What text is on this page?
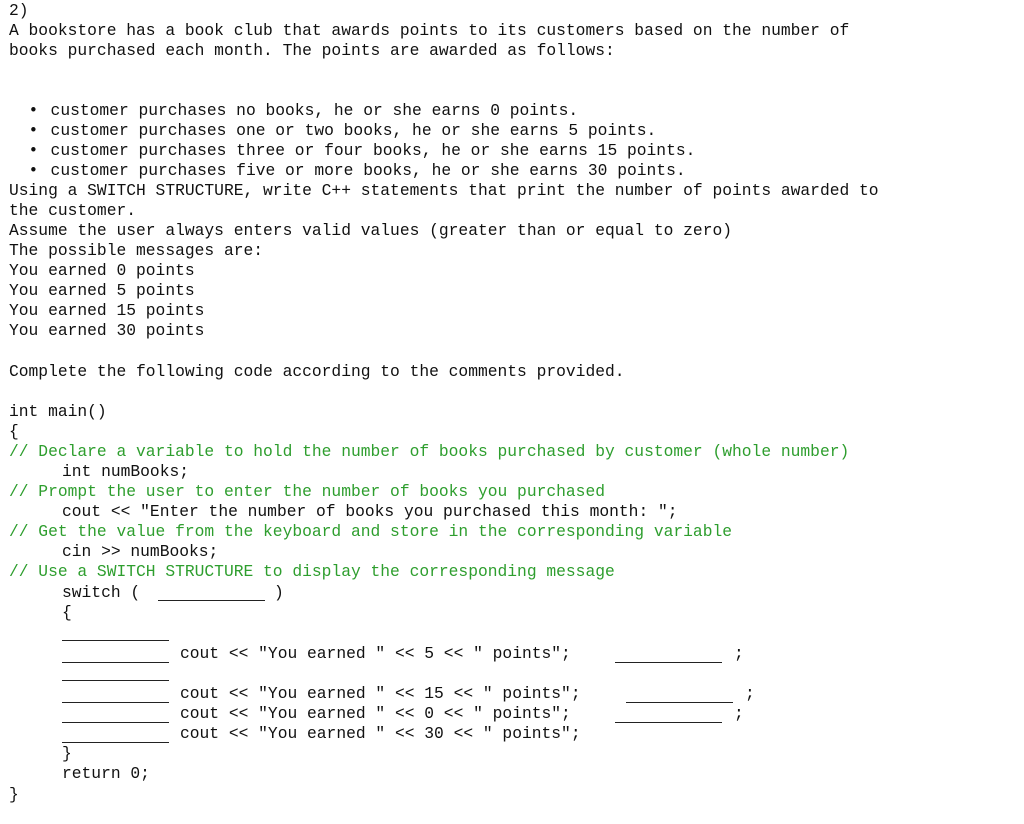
2)
A bookstore has a book club that awards points to its customers based on the number of
books purchased each month. The points are awarded as follows:

• customer purchases no books, he or she earns 0 points.

• customer purchases one or two books, he or she earns 5 points.

• customer purchases three or four books, he or she earns 15 points.

• customer purchases five or more books, he or she earns 30 points.

Using a SWITCH STRUCTURE, write C++ statements that print the number of points awarded to
the customer.
Assume the user always enters valid values (greater than or equal to zero)
The possible messages are:
You earned 0 points
You earned 5 points
You earned 15 points
You earned 30 points
Complete the following code according to the comments provided.
int main()
{
// Declare a variable to hold the number of books purchased by customer (whole number)
int numBooks;
// Prompt the user to enter the number of books you purchased
cout << "Enter the number of books you purchased this month: ";
// Get the value from the keyboard and store in the corresponding variable
cin >> numBooks;
// Use a SWITCH STRUCTURE to display the corresponding message
switch (	)
{
cout << "You earned " << 5 << " points";	;
cout << "You earned " << 15 << " points";	;
cout << "You earned " << 0 << " points";	;
cout << "You earned " << 30 << " points";
}
return 0;
}
